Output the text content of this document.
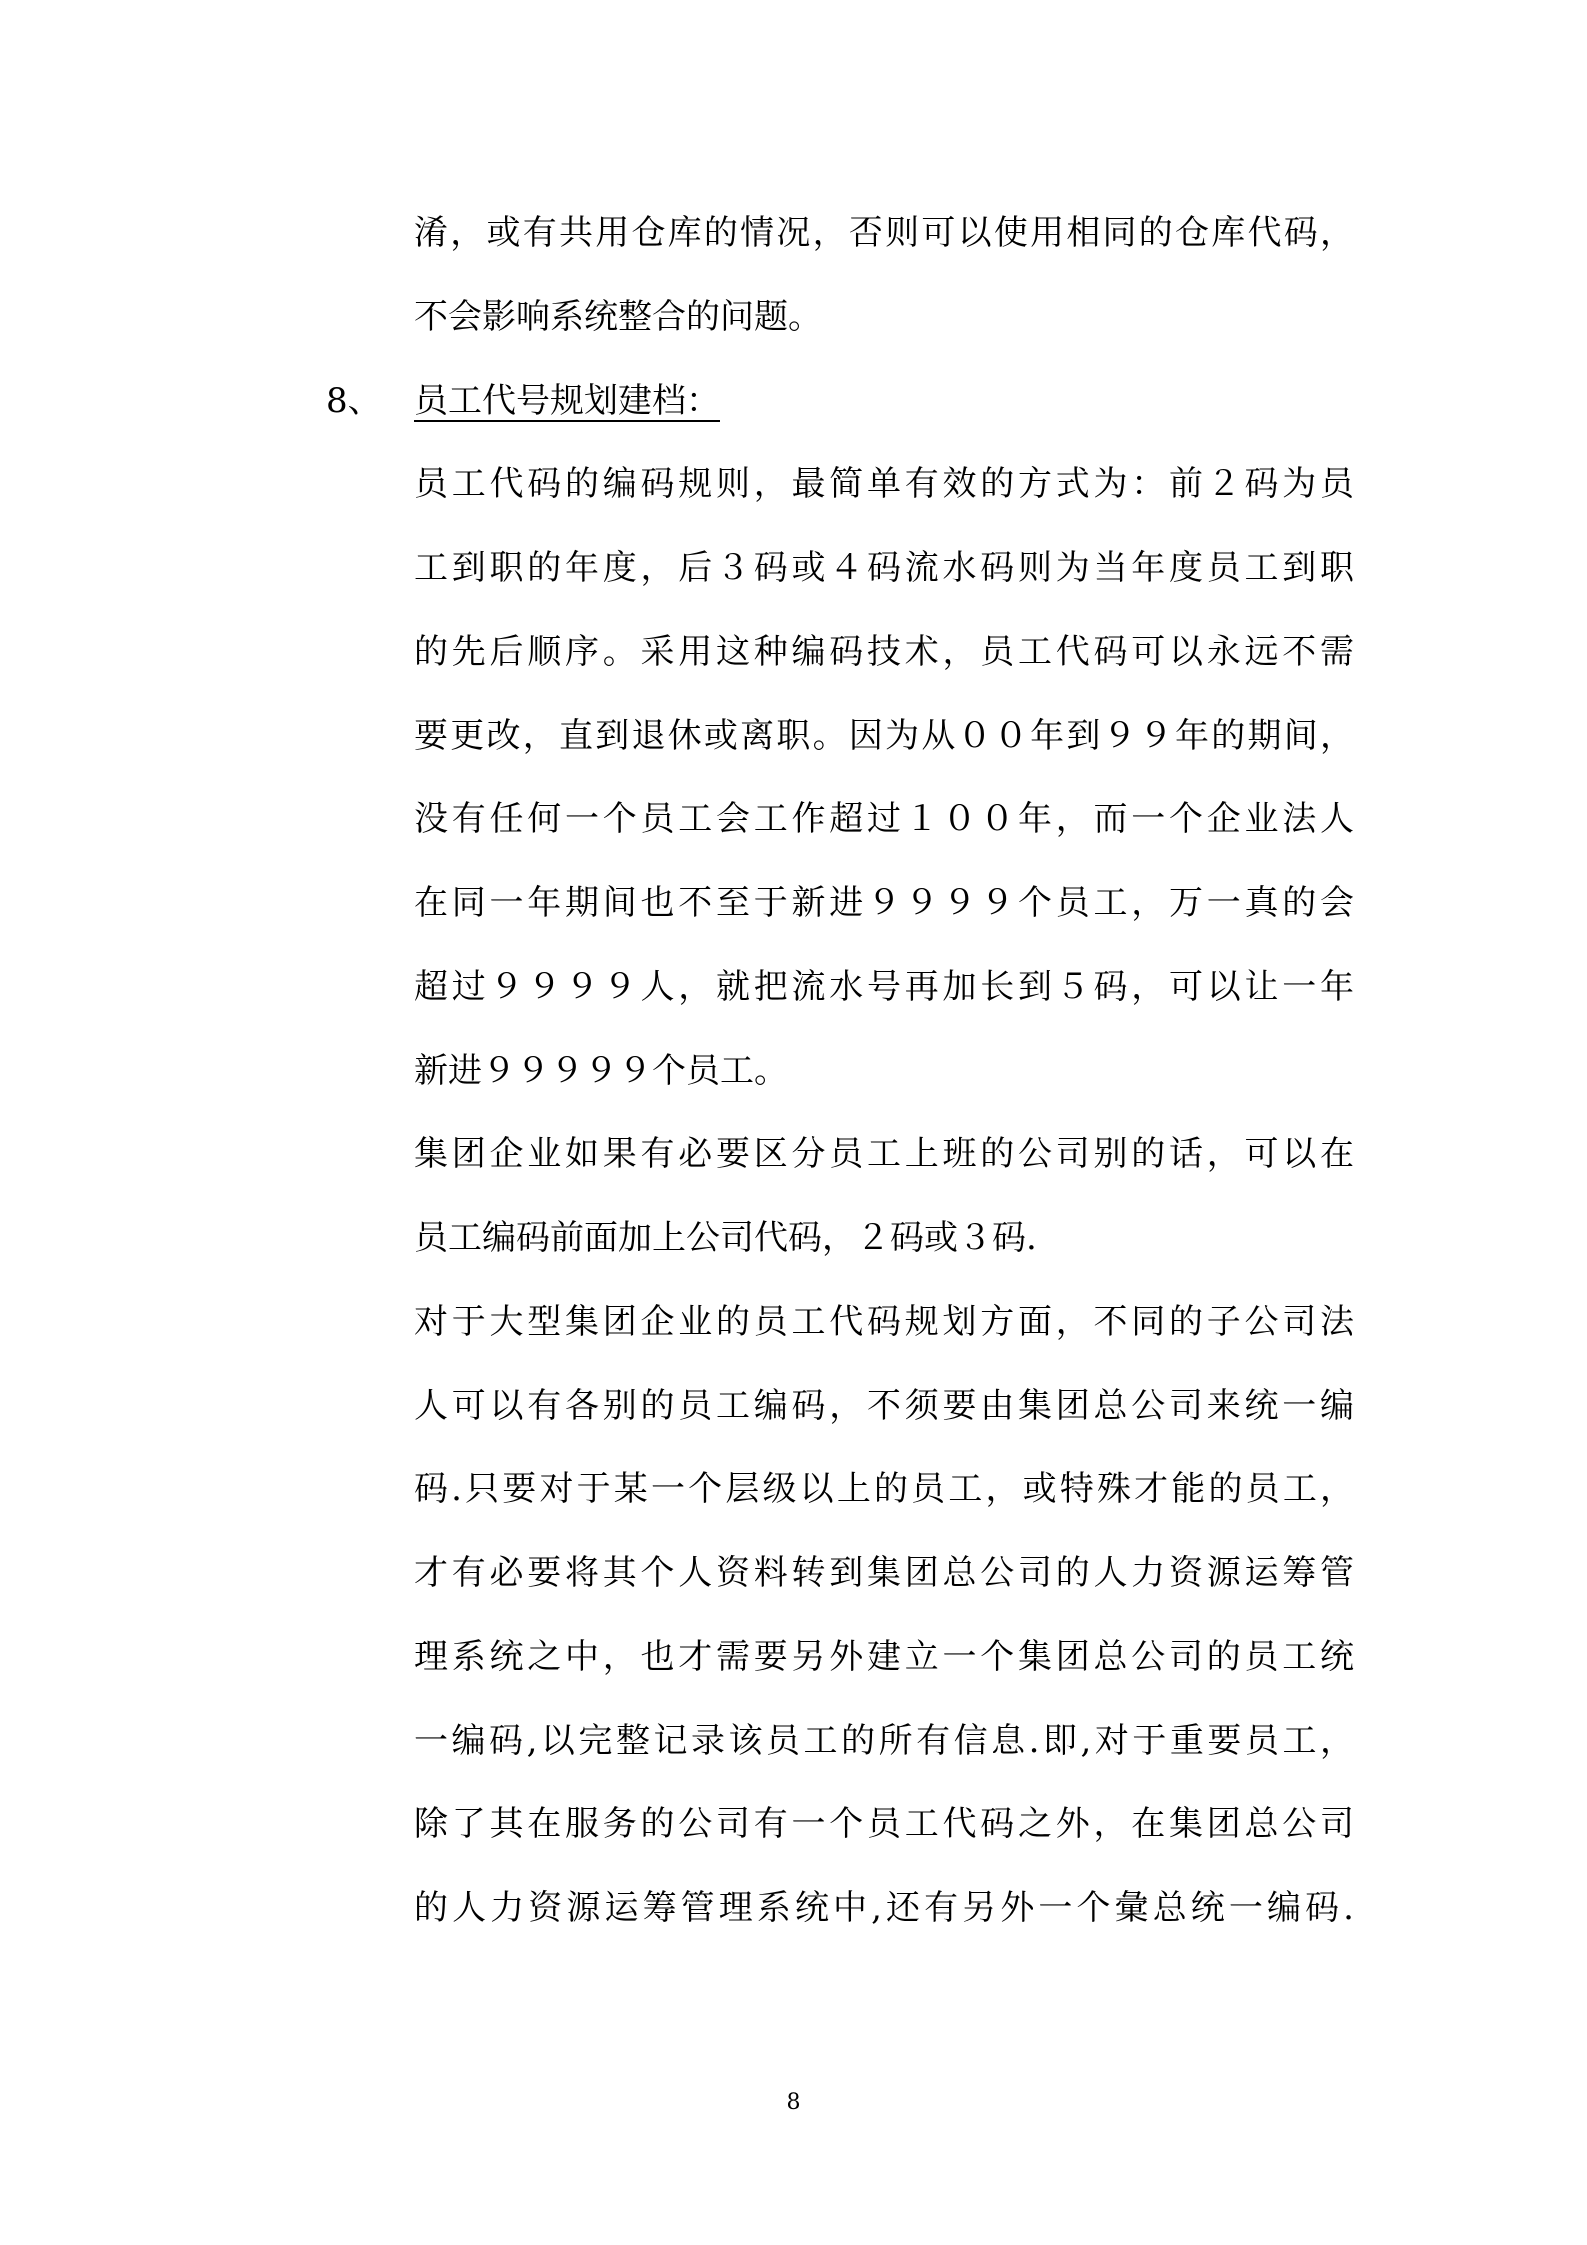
淆，或有共用仓库的情况，否则可以使用相同的仓库代码，
不会影响系统整合的问题。
8、 员工代号规划建档：
员工代码的编码规则，最简单有效的方式为：前２码为员
工到职的年度，后３码或４码流水码则为当年度员工到职
的先后顺序。采用这种编码技术，员工代码可以永远不需
要更改，直到退休或离职。因为从００年到９９年的期间，
没有任何一个员工会工作超过１００年，而一个企业法人
在同一年期间也不至于新进９９９９个员工，万一真的会
超过９９９９人，就把流水号再加长到５码，可以让一年
新进９９９９９个员工。
集团企业如果有必要区分员工上班的公司别的话，可以在
员工编码前面加上公司代码，２码或３码.
对于大型集团企业的员工代码规划方面，不同的子公司法
人可以有各别的员工编码，不须要由集团总公司来统一编
码.只要对于某一个层级以上的员工，或特殊才能的员工，
才有必要将其个人资料转到集团总公司的人力资源运筹管
理系统之中，也才需要另外建立一个集团总公司的员工统
一编码,以完整记录该员工的所有信息.即,对于重要员工，
除了其在服务的公司有一个员工代码之外，在集团总公司
的人力资源运筹管理系统中,还有另外一个彙总统一编码.
8
